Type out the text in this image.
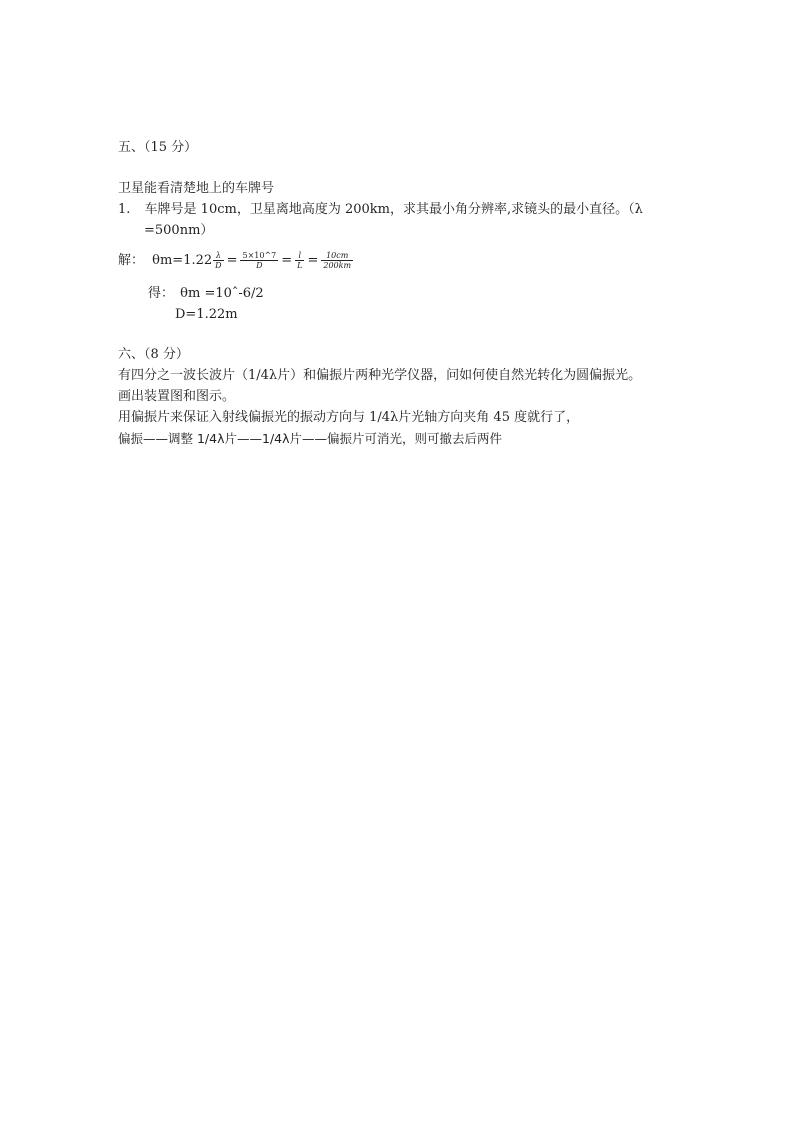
五、（15 分）
卫星能看清楚地上的车牌号
1. 车牌号是 10cm，卫星离地高度为 200km，求其最小角分辨率,求镜头的最小直径。（λ
=500nm）
解： $\theta m=1.22 \frac{\lambda}{D} = \frac{5\times 10\^{}7}{D} = \frac{l}{L} = \frac{10cm}{200km}$
得： θm =10ˆ-6/2
D=1.22m
六、（8 分）
有四分之一波长波片（1/4λ片）和偏振片两种光学仪器，问如何使自然光转化为圆偏振光。
画出装置图和图示。
用偏振片来保证入射线偏振光的振动方向与 1/4λ片光轴方向夹角 45 度就行了，
偏振——调整 1/4λ片——1/4λ片——偏振片可消光，则可撤去后两件
